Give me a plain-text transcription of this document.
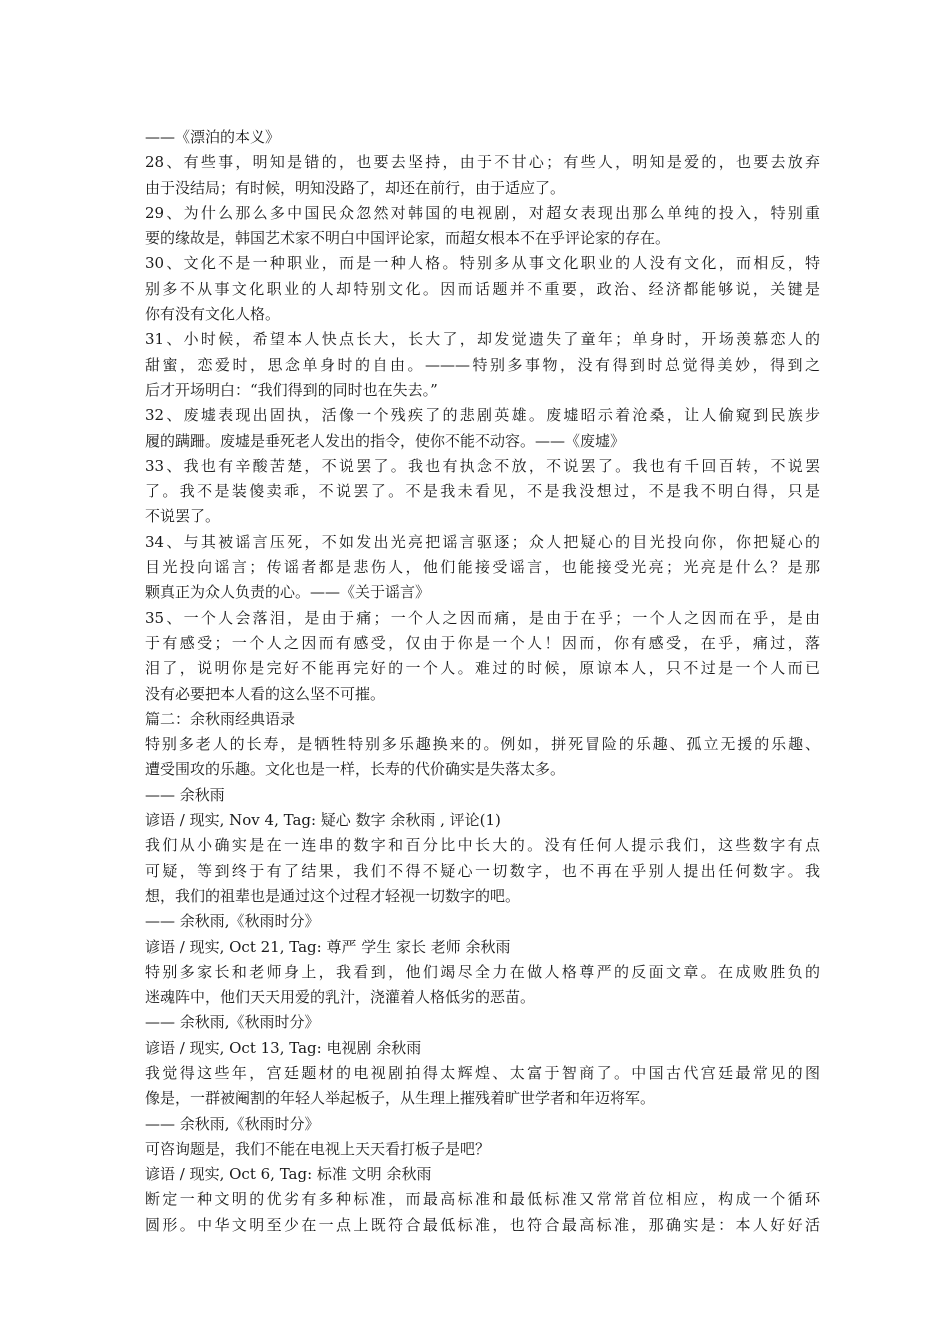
——《漂泊的本义》
28、有些事，明知是错的，也要去坚持，由于不甘心；有些人，明知是爱的，也要去放弃
由于没结局；有时候，明知没路了，却还在前行，由于适应了。
29、为什么那么多中国民众忽然对韩国的电视剧，对超女表现出那么单纯的投入，特别重
要的缘故是，韩国艺术家不明白中国评论家，而超女根本不在乎评论家的存在。
30、文化不是一种职业，而是一种人格。特别多从事文化职业的人没有文化，而相反，特
别多不从事文化职业的人却特别文化。因而话题并不重要，政治、经济都能够说，关键是
你有没有文化人格。
31、小时候，希望本人快点长大，长大了，却发觉遗失了童年；单身时，开场羡慕恋人的
甜蜜，恋爱时，思念单身时的自由。———特别多事物，没有得到时总觉得美妙，得到之
后才开场明白：“我们得到的同时也在失去。”
32、废墟表现出固执，活像一个残疾了的悲剧英雄。废墟昭示着沧桑，让人偷窥到民族步
履的蹒跚。废墟是垂死老人发出的指令，使你不能不动容。——《废墟》
33、我也有辛酸苦楚，不说罢了。我也有执念不放，不说罢了。我也有千回百转，不说罢
了。我不是装傻卖乖，不说罢了。不是我未看见，不是我没想过，不是我不明白得，只是
不说罢了。
34、与其被谣言压死，不如发出光亮把谣言驱逐；众人把疑心的目光投向你，你把疑心的
目光投向谣言；传谣者都是悲伤人，他们能接受谣言，也能接受光亮；光亮是什么？是那
颗真正为众人负责的心。——《关于谣言》
35、一个人会落泪，是由于痛；一个人之因而痛，是由于在乎；一个人之因而在乎，是由
于有感受；一个人之因而有感受，仅由于你是一个人！因而，你有感受，在乎，痛过，落
泪了，说明你是完好不能再完好的一个人。难过的时候，原谅本人，只不过是一个人而已
没有必要把本人看的这么坚不可摧。
篇二：余秋雨经典语录
特别多老人的长寿，是牺牲特别多乐趣换来的。例如，拼死冒险的乐趣、孤立无援的乐趣、
遭受围攻的乐趣。文化也是一样，长寿的代价确实是失落太多。
—— 余秋雨
谚语 / 现实, Nov 4, Tag: 疑心 数字 余秋雨 , 评论(1)
我们从小确实是在一连串的数字和百分比中长大的。没有任何人提示我们，这些数字有点
可疑，等到终于有了结果，我们不得不疑心一切数字，也不再在乎别人提出任何数字。我
想，我们的祖辈也是通过这个过程才轻视一切数字的吧。
—— 余秋雨,《秋雨时分》
谚语 / 现实, Oct 21, Tag: 尊严 学生 家长 老师 余秋雨
特别多家长和老师身上，我看到，他们竭尽全力在做人格尊严的反面文章。在成败胜负的
迷魂阵中，他们天天用爱的乳汁，浇灌着人格低劣的恶苗。
—— 余秋雨,《秋雨时分》
谚语 / 现实, Oct 13, Tag: 电视剧 余秋雨
我觉得这些年，宫廷题材的电视剧拍得太辉煌、太富于智商了。中国古代宫廷最常见的图
像是，一群被阉割的年轻人举起板子，从生理上摧残着旷世学者和年迈将军。
—— 余秋雨,《秋雨时分》
可咨询题是，我们不能在电视上天天看打板子是吧？
谚语 / 现实, Oct 6, Tag: 标准 文明 余秋雨
断定一种文明的优劣有多种标准，而最高标准和最低标准又常常首位相应，构成一个循环
圆形。中华文明至少在一点上既符合最低标准，也符合最高标准，那确实是：本人好好活
